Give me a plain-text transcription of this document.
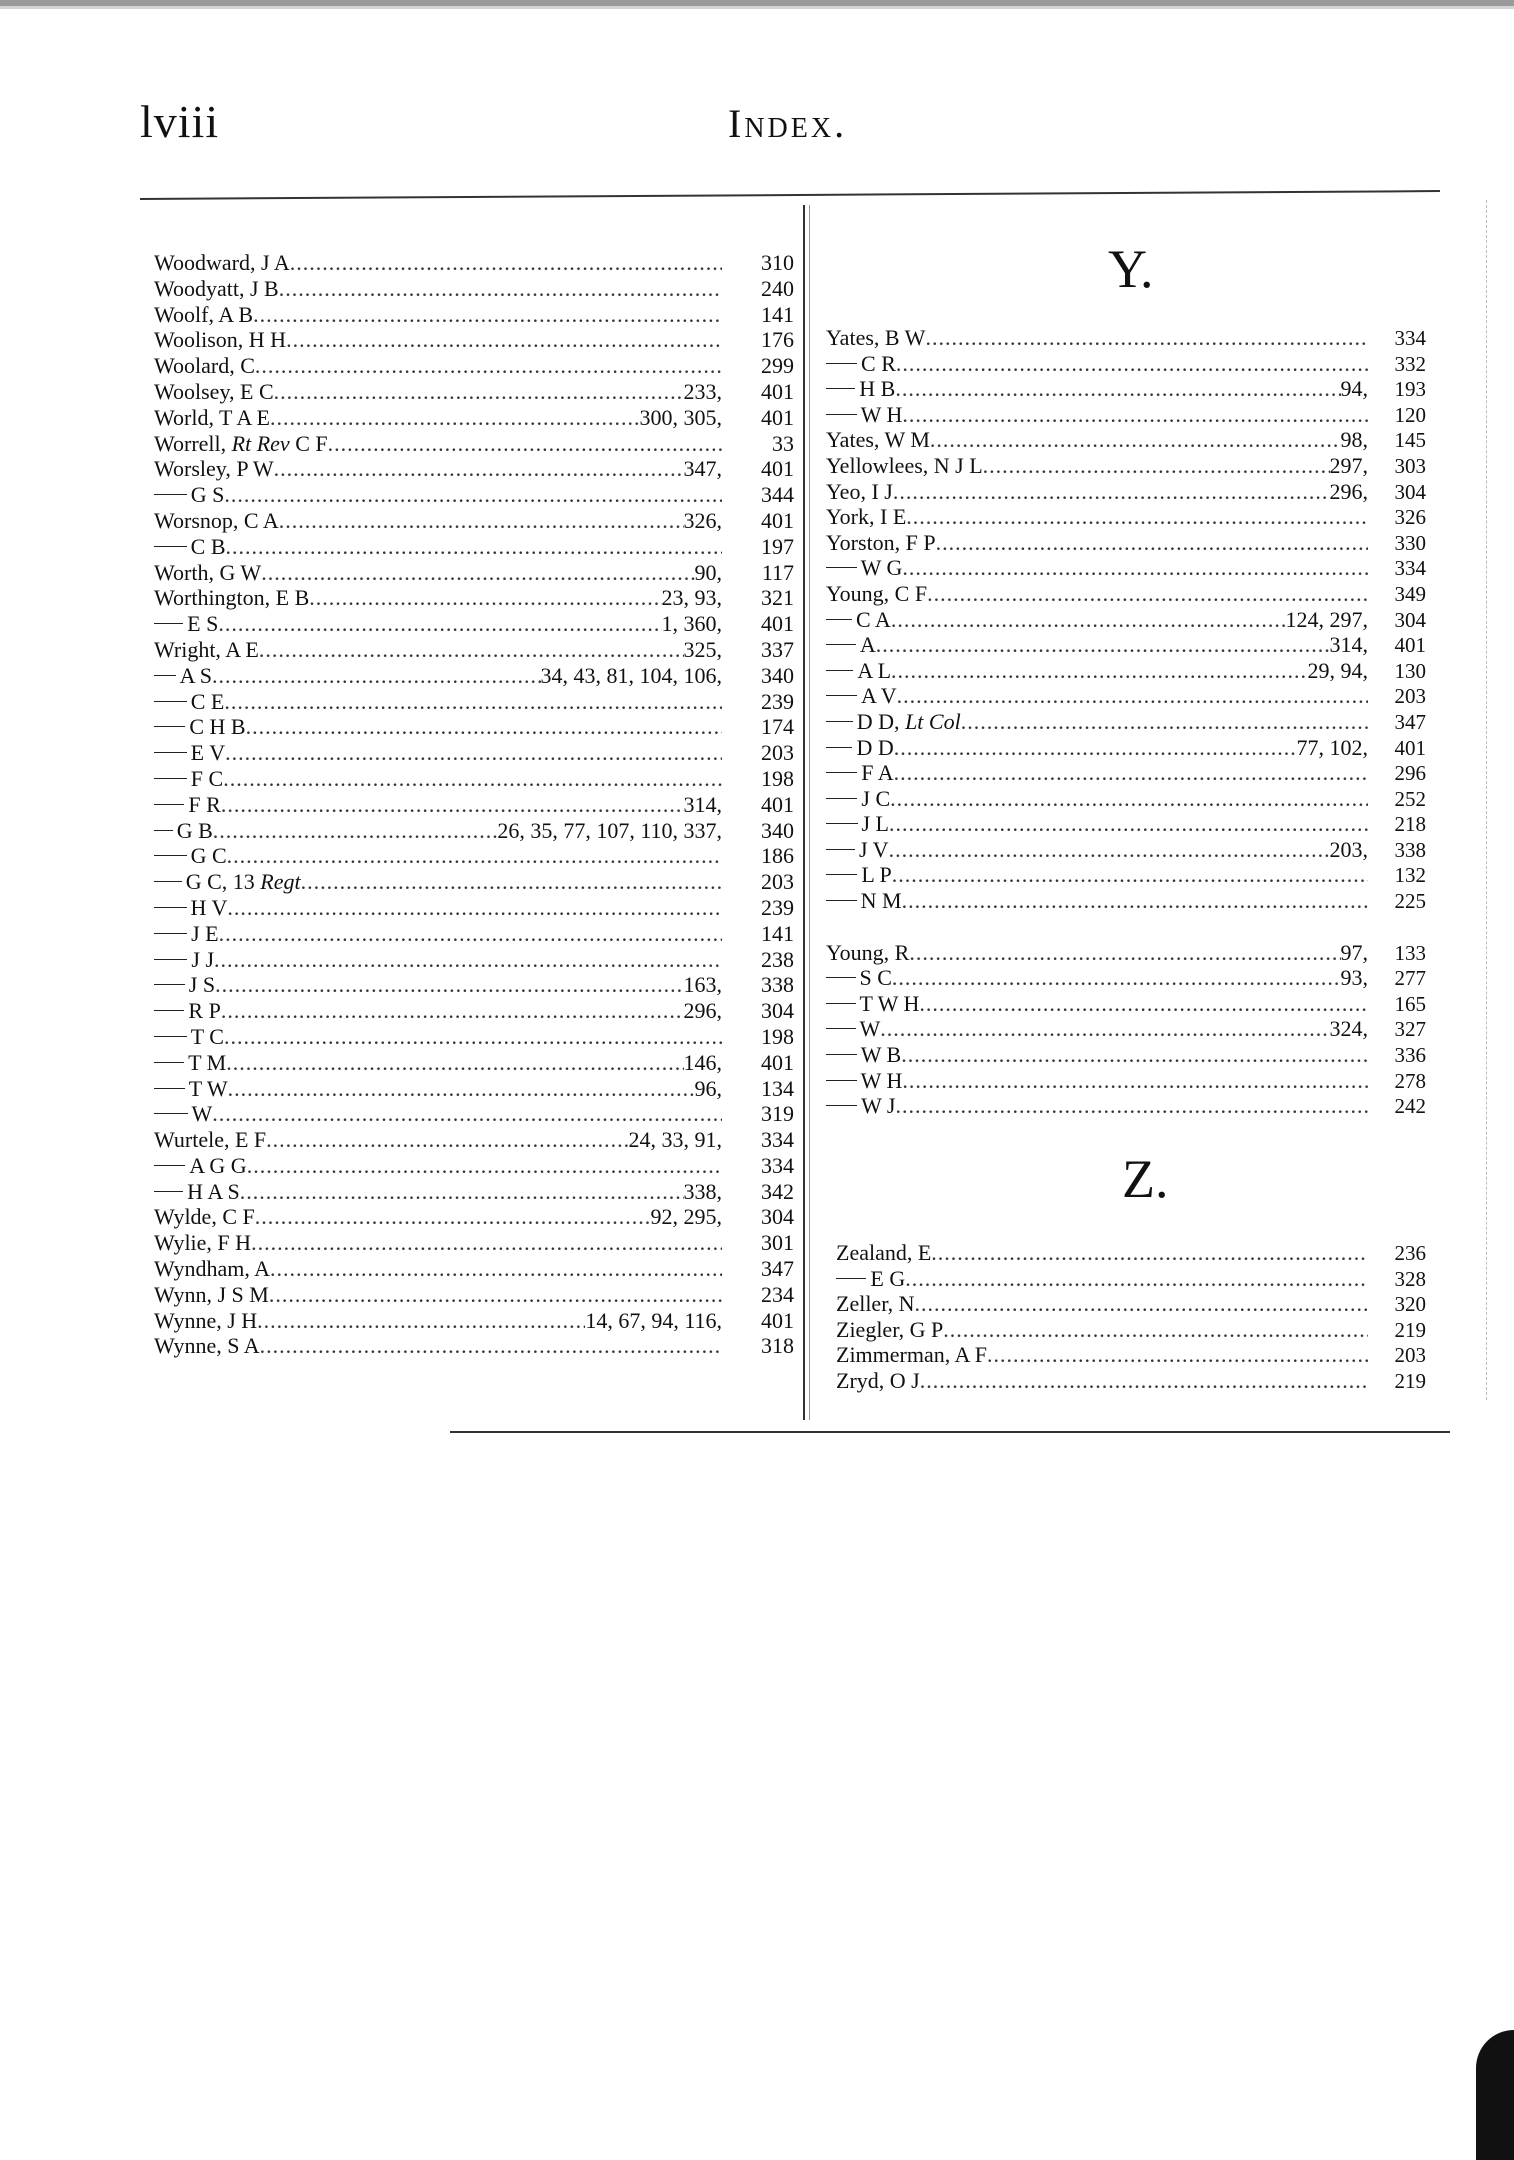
lviii	Index.
Woodward, J A .....	310
Woodyatt, J B .....	240
Woolf, A B .....	141
Woolison, H H .....	176
Woolard, C .....	299
Woolsey, E C .....	233,	401
World, T A E .....	300, 305,	401
Worrell, Rt Rev C F .....	33
Worsley, P W .....	347,	401
G S .....	344
Worsnop, C A .....	326,	401
C B .....	197
Worth, G W .....	90,	117
Worthington, E B .....	23, 93,	321
E S .....	1, 360,	401
Wright, A E .....	325,	337
A S .....	34, 43, 81, 104, 106,	340
C E .....	239
C H B .....	174
E V .....	203
F C .....	198
F R .....	314,	401
G B .....	26, 35, 77, 107, 110, 337,	340
G C .....	186
G C, 13 Regt .....	203
H V .....	239
J E .....	141
J J .....	238
J S .....	163,	338
R P .....	296,	304
T C .....	198
T M .....	146,	401
T W .....	96,	134
W .....	319
Wurtele, E F .....	24, 33, 91,	334
A G G .....	334
H A S .....	338,	342
Wylde, C F .....	92, 295,	304
Wylie, F H .....	301
Wyndham, A .....	347
Wynn, J S M .....	234
Wynne, J H .....	14, 67, 94, 116,	401
Wynne, S A .....	318
Y.
Yates, B W .....	334
C R .....	332
H B .....	94,	193
W H .....	120
Yates, W M .....	98,	145
Yellowlees, N J L .....	297,	303
Yeo, I J .....	296,	304
York, I E .....	326
Yorston, F P .....	330
W G .....	334
Young, C F .....	349
C A .....	124, 297,	304
A .....	314,	401
A L .....	29, 94,	130
A V .....	203
D D, Lt Col .....	347
D D .....	77, 102,	401
F A .....	296
J C .....	252
J L .....	218
J V .....	203,	338
L P .....	132
N M .....	225
Young, R .....	97,	133
S C .....	93,	277
T W H .....	165
W .....	324,	327
W B .....	336
W H .....	278
W J .....	242
Z.
Zealand, E .....	236
E G .....	328
Zeller, N .....	320
Ziegler, G P .....	219
Zimmerman, A F .....	203
Zryd, O J .....	219
